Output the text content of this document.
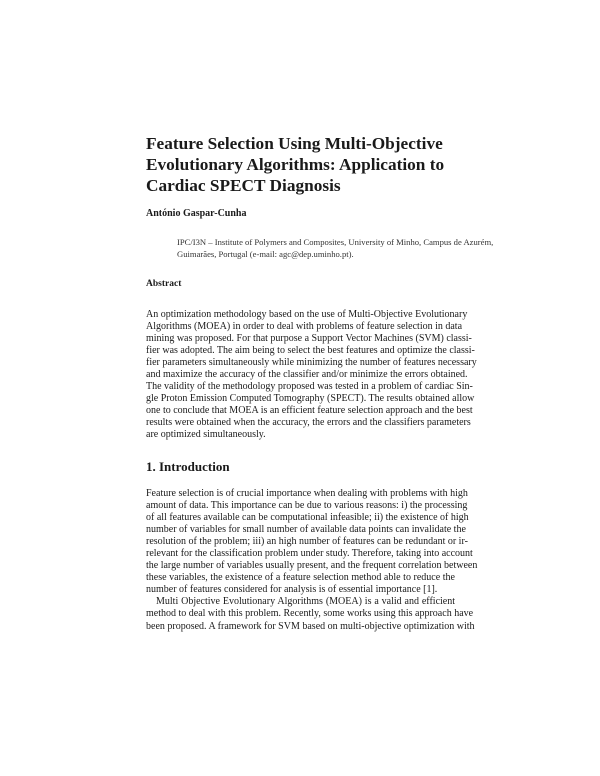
Feature Selection Using Multi-Objective
Evolutionary Algorithms: Application to
Cardiac SPECT Diagnosis
António Gaspar-Cunha
IPC/I3N – Institute of Polymers and Composites, University of Minho, Campus de Azurém,
Guimarães, Portugal (e-mail: agc@dep.uminho.pt).
Abstract
An optimization methodology based on the use of Multi-Objective Evolutionary
Algorithms (MOEA) in order to deal with problems of feature selection in data
mining was proposed. For that purpose a Support Vector Machines (SVM) classi-
fier was adopted. The aim being to select the best features and optimize the classi-
fier parameters simultaneously while minimizing the number of features necessary
and maximize the accuracy of the classifier and/or minimize the errors obtained.
The validity of the methodology proposed was tested in a problem of cardiac Sin-
gle Proton Emission Computed Tomography (SPECT). The results obtained allow
one to conclude that MOEA is an efficient feature selection approach and the best
results were obtained when the accuracy, the errors and the classifiers parameters
are optimized simultaneously.
1. Introduction
Feature selection is of crucial importance when dealing with problems with high
amount of data. This importance can be due to various reasons: i) the processing
of all features available can be computational infeasible; ii) the existence of high
number of variables for small number of available data points can invalidate the
resolution of the problem; iii) an high number of features can be redundant or ir-
relevant for the classification problem under study. Therefore, taking into account
the large number of variables usually present, and the frequent correlation between
these variables, the existence of a feature selection method able to reduce the
number of features considered for analysis is of essential importance [1].
Multi Objective Evolutionary Algorithms (MOEA) is a valid and efficient
method to deal with this problem. Recently, some works using this approach have
been proposed. A framework for SVM based on multi-objective optimization with
